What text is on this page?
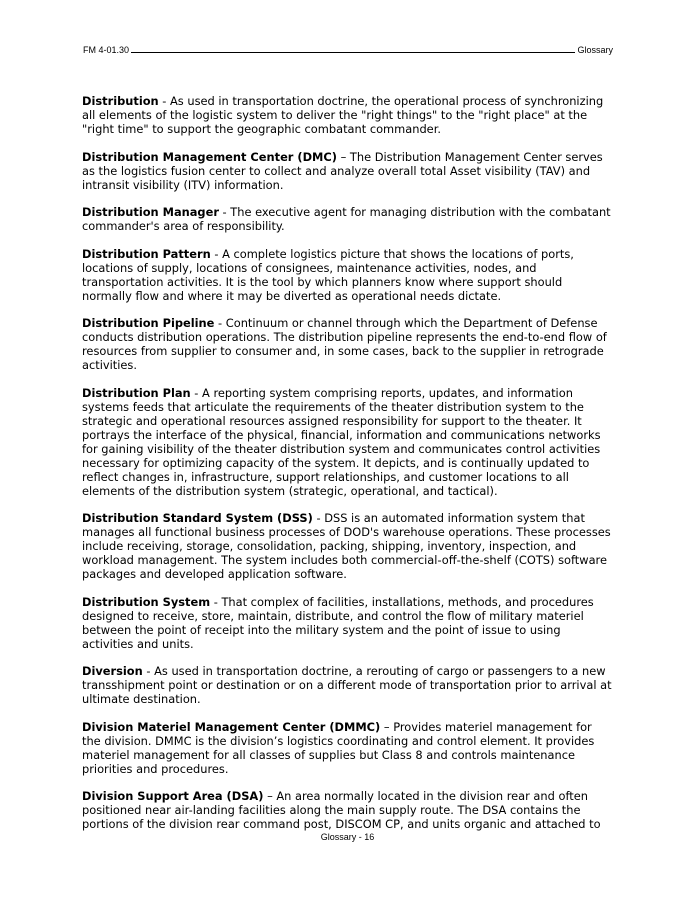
FM 4-01.30	Glossary

Distribution - As used in transportation doctrine, the operational process of synchronizing all elements of the logistic system to deliver the "right things" to the "right place" at the "right time" to support the geographic combatant commander.

Distribution Management Center (DMC) – The Distribution Management Center serves as the logistics fusion center to collect and analyze overall total Asset visibility (TAV) and intransit visibility (ITV) information.

Distribution Manager - The executive agent for managing distribution with the combatant commander's area of responsibility.

Distribution Pattern - A complete logistics picture that shows the locations of ports, locations of supply, locations of consignees, maintenance activities, nodes, and transportation activities. It is the tool by which planners know where support should normally flow and where it may be diverted as operational needs dictate.

Distribution Pipeline - Continuum or channel through which the Department of Defense conducts distribution operations. The distribution pipeline represents the end-to-end flow of resources from supplier to consumer and, in some cases, back to the supplier in retrograde activities.

Distribution Plan - A reporting system comprising reports, updates, and information systems feeds that articulate the requirements of the theater distribution system to the strategic and operational resources assigned responsibility for support to the theater. It portrays the interface of the physical, financial, information and communications networks for gaining visibility of the theater distribution system and communicates control activities necessary for optimizing capacity of the system. It depicts, and is continually updated to reflect changes in, infrastructure, support relationships, and customer locations to all elements of the distribution system (strategic, operational, and tactical).

Distribution Standard System (DSS) - DSS is an automated information system that manages all functional business processes of DOD's warehouse operations. These processes include receiving, storage, consolidation, packing, shipping, inventory, inspection, and workload management. The system includes both commercial-off-the-shelf (COTS) software packages and developed application software.

Distribution System - That complex of facilities, installations, methods, and procedures designed to receive, store, maintain, distribute, and control the flow of military materiel between the point of receipt into the military system and the point of issue to using activities and units.

Diversion - As used in transportation doctrine, a rerouting of cargo or passengers to a new transshipment point or destination or on a different mode of transportation prior to arrival at ultimate destination.

Division Materiel Management Center (DMMC) – Provides materiel management for the division. DMMC is the division’s logistics coordinating and control element. It provides materiel management for all classes of supplies but Class 8 and controls maintenance priorities and procedures.

Division Support Area (DSA) – An area normally located in the division rear and often positioned near air-landing facilities along the main supply route. The DSA contains the portions of the division rear command post, DISCOM CP, and units organic and attached to

Glossary - 16
